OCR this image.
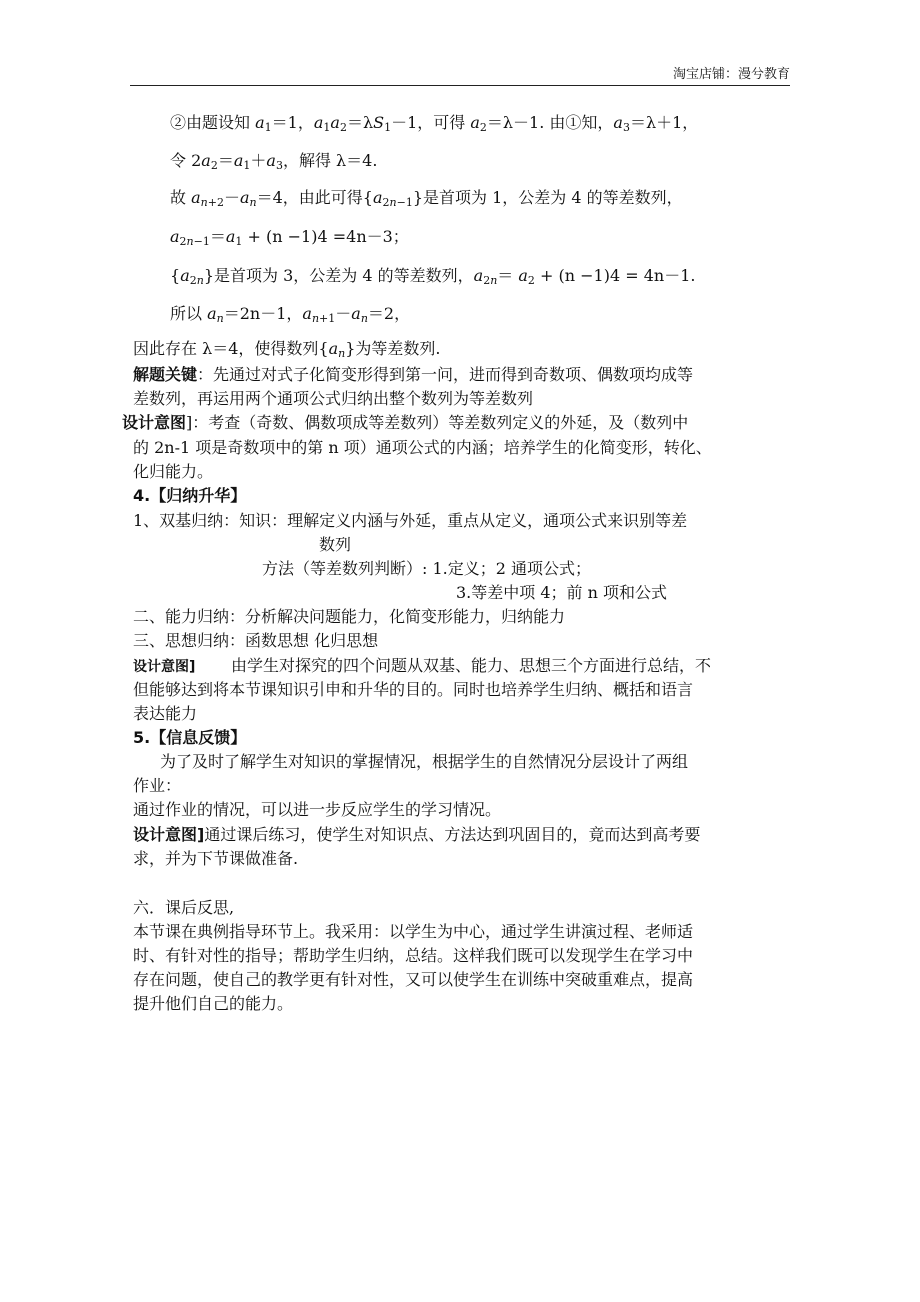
淘宝店铺：漫兮教育
②由题设知 $a_1=1$，$a_1a_2=\lambda S_1-1$，可得 $a_2=\lambda-1$. 由①知，$a_3=\lambda+1$，
令 $2a_2=a_1+a_3$，解得 λ＝4.
故 $a_{n+2}-a_n=4$，由此可得$\{a_{2n-1}\}$是首项为 1，公差为 4 的等差数列，
$a_{2n-1}=a_1 + (n -1)4 =4n-3$；
$\{a_{2n}\}$是首项为 3，公差为 4 的等差数列，$a_{2n}= a_2 + (n -1)4 = 4n-1$.
所以 $a_n=2n-1$，$a_{n+1}-a_n=2$，
因此存在 λ＝4，使得数列$\{a_n\}$为等差数列.
解题关键：先通过对式子化简变形得到第一问，进而得到奇数项、偶数项均成等
差数列，再运用两个通项公式归纳出整个数列为等差数列
设计意图]：考查（奇数、偶数项成等差数列）等差数列定义的外延，及（数列中
的 2n-1 项是奇数项中的第 n 项）通项公式的内涵；培养学生的化简变形，转化、
化归能力。
4.【归纳升华】
1、双基归纳：知识：理解定义内涵与外延，重点从定义，通项公式来识别等差
数列
方法（等差数列判断）: 1.定义；2 通项公式；
3.等差中项 4；前 n 项和公式
二、能力归纳：分析解决问题能力，化简变形能力，归纳能力
三、思想归纳：函数思想 化归思想
设计意图] 由学生对探究的四个问题从双基、能力、思想三个方面进行总结，不
但能够达到将本节课知识引申和升华的目的。同时也培养学生归纳、概括和语言
表达能力
5.【信息反馈】
为了及时了解学生对知识的掌握情况，根据学生的自然情况分层设计了两组
作业：
通过作业的情况，可以进一步反应学生的学习情况。
设计意图]通过课后练习，使学生对知识点、方法达到巩固目的，竟而达到高考要
求，并为下节课做准备.
六．课后反思,
本节课在典例指导环节上。我采用：以学生为中心，通过学生讲演过程、老师适
时、有针对性的指导；帮助学生归纳，总结。这样我们既可以发现学生在学习中
存在问题，使自己的教学更有针对性，又可以使学生在训练中突破重难点，提高
提升他们自己的能力。
